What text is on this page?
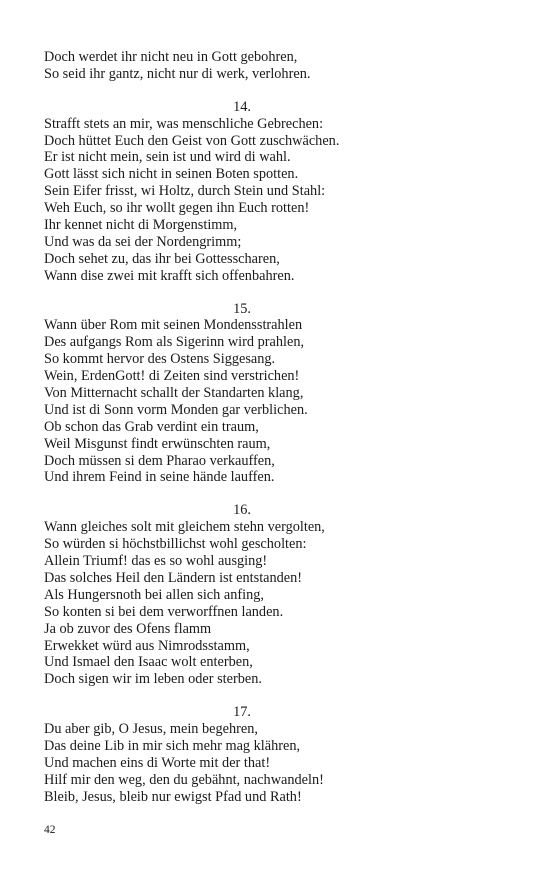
Doch werdet ihr nicht neu in Gott gebohren,
So seid ihr gantz, nicht nur di werk, verlohren.
14.
Strafft stets an mir, was menschliche Gebrechen:
Doch hüttet Euch den Geist von Gott zuschwächen.
Er ist nicht mein, sein ist und wird di wahl.
Gott lässt sich nicht in seinen Boten spotten.
Sein Eifer frisst, wi Holtz, durch Stein und Stahl:
Weh Euch, so ihr wollt gegen ihn Euch rotten!
Ihr kennet nicht di Morgenstimm,
Und was da sei der Nordengrimm;
Doch sehet zu, das ihr bei Gottesscharen,
Wann dise zwei mit krafft sich offenbahren.
15.
Wann über Rom mit seinen Mondensstrahlen
Des aufgangs Rom als Sigerinn wird prahlen,
So kommt hervor des Ostens Siggesang.
Wein, ErdenGott! di Zeiten sind verstrichen!
Von Mitternacht schallt der Standarten klang,
Und ist di Sonn vorm Monden gar verblichen.
Ob schon das Grab verdint ein traum,
Weil Misgunst findt erwünschten raum,
Doch müssen si dem Pharao verkauffen,
Und ihrem Feind in seine hände lauffen.
16.
Wann gleiches solt mit gleichem stehn vergolten,
So würden si höchstbillichst wohl gescholten:
Allein Triumf! das es so wohl ausging!
Das solches Heil den Ländern ist entstanden!
Als Hungersnoth bei allen sich anfing,
So konten si bei dem verworffnen landen.
Ja ob zuvor des Ofens flamm
Erwekket würd aus Nimrodsstamm,
Und Ismael den Isaac wolt enterben,
Doch sigen wir im leben oder sterben.
17.
Du aber gib, O Jesus, mein begehren,
Das deine Lib in mir sich mehr mag klähren,
Und machen eins di Worte mit der that!
Hilf mir den weg, den du gebähnt, nachwandeln!
Bleib, Jesus, bleib nur ewigst Pfad und Rath!
42
